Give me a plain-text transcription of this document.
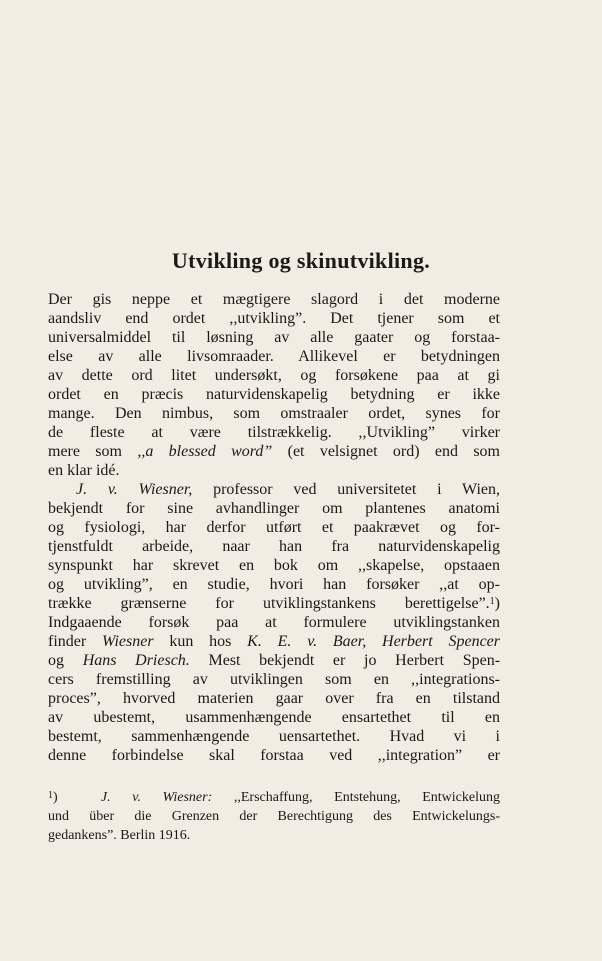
Utvikling og skinutvikling.
Der gis neppe et mægtigere slagord i det moderne
aandsliv end ordet ,,utvikling”. Det tjener som et
universalmiddel til løsning av alle gaater og forstaa-
else av alle livsomraader. Allikevel er betydningen
av dette ord litet undersøkt, og forsøkene paa at gi
ordet en præcis naturvidenskapelig betydning er ikke
mange. Den nimbus, som omstraaler ordet, synes for
de fleste at være tilstrækkelig. ,,Utvikling” virker
mere som ,,a blessed word” (et velsignet ord) end som
en klar idé.
J. v. Wiesner, professor ved universitetet i Wien,
bekjendt for sine avhandlinger om plantenes anatomi
og fysiologi, har derfor utført et paakrævet og for-
tjenstfuldt arbeide, naar han fra naturvidenskapelig
synspunkt har skrevet en bok om ,,skapelse, opstaaen
og utvikling”, en studie, hvori han forsøker ,,at op-
trække grænserne for utviklingstankens berettigelse”.$^1$)
Indgaaende forsøk paa at formulere utviklingstanken
finder Wiesner kun hos K. E. v. Baer, Herbert Spencer
og Hans Driesch. Mest bekjendt er jo Herbert Spen-
cers fremstilling av utviklingen som en ,,integrations-
proces”, hvorved materien gaar over fra en tilstand
av ubestemt, usammenhængende ensartethet til en
bestemt, sammenhængende uensartethet. Hvad vi i
denne forbindelse skal forstaa ved ,,integration” er
$^1$)	J. v. Wiesner: ,,Erschaffung, Entstehung, Entwickelung
und über die Grenzen der Berechtigung des Entwickelungs-
gedankens”. Berlin 1916.
